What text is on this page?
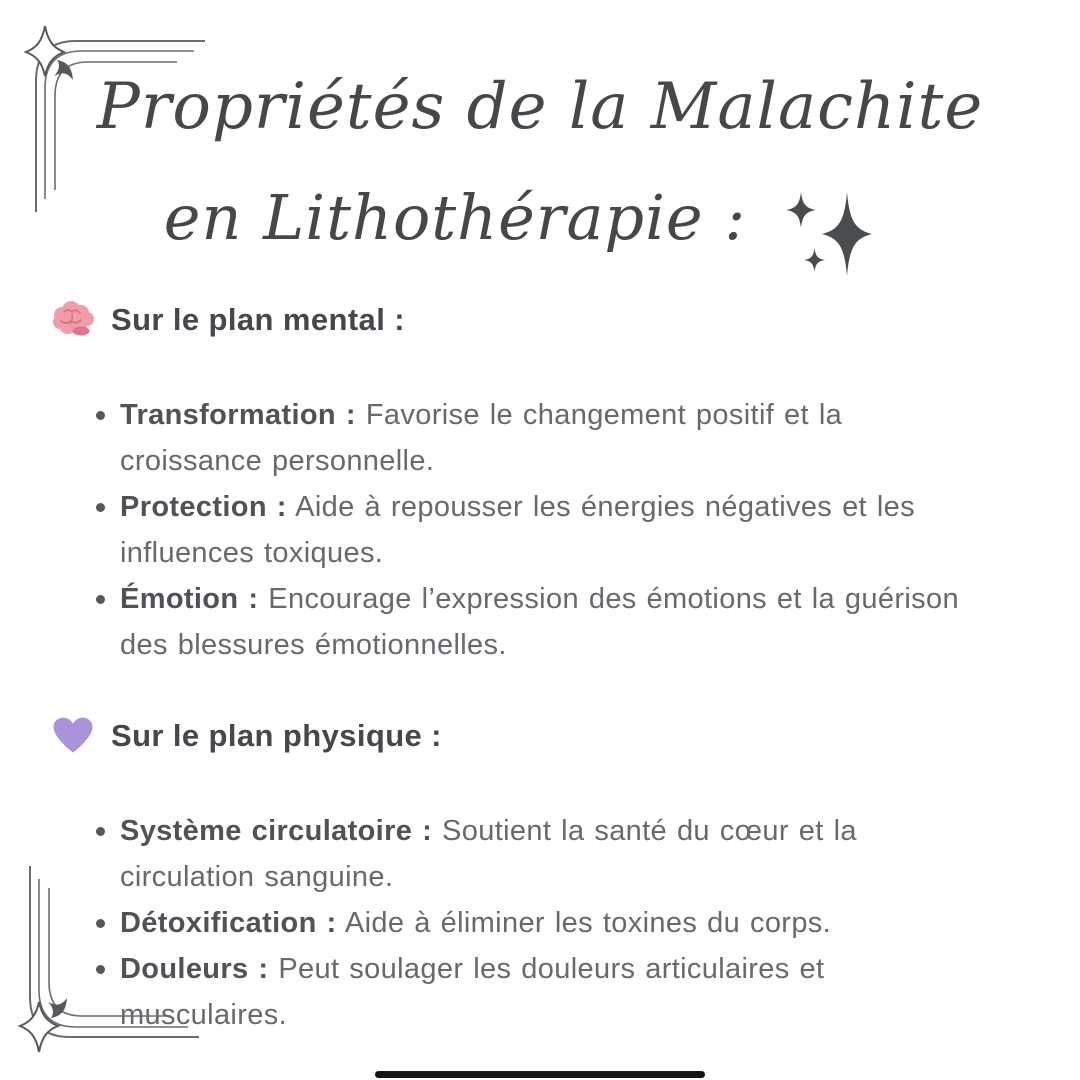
Propriétés de la Malachite
en Lithothérapie :
Sur le plan mental :

Transformation : Favorise le changement positif et la croissance personnelle.

Protection : Aide à repousser les énergies négatives et les influences toxiques.

Émotion : Encourage l’expression des émotions et la guérison des blessures émotionnelles.

Sur le plan physique :

Système circulatoire : Soutient la santé du cœur et la circulation sanguine.

Détoxification : Aide à éliminer les toxines du corps.

Douleurs : Peut soulager les douleurs articulaires et musculaires.
